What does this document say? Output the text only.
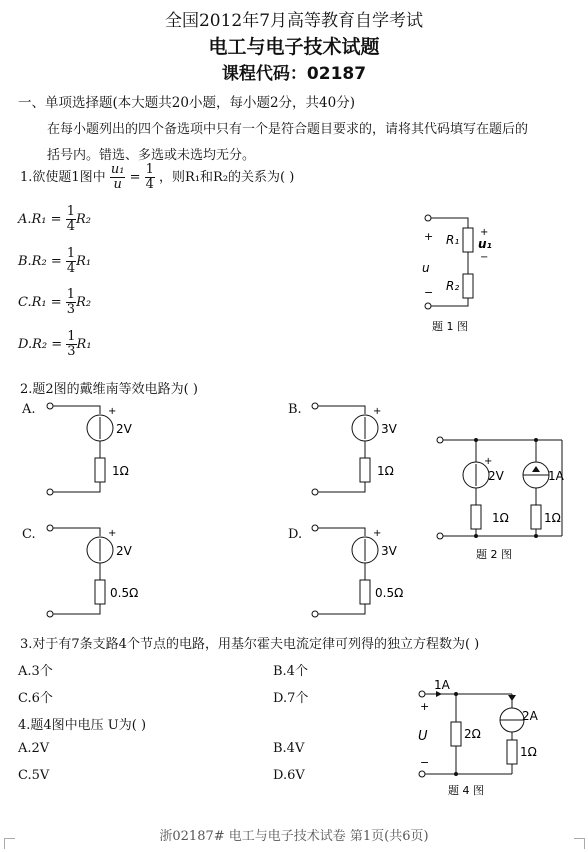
全国2012年7月高等教育自学考试
电工与电子技术试题
课程代码：02187
一、单项选择题(本大题共20小题，每小题2分，共40分)
在每小题列出的四个备选项中只有一个是符合题目要求的，请将其代码填写在题后的
括号内。错选、多选或未选均无分。
1.欲使题1图中 $\frac{\text{u₁}}{u} = \frac{1}{4}$ ，则R₁和R₂的关系为( )
$A.R_1 = \frac{1}{4} R_2$
$B.R_2 = \frac{1}{4} R_1$
$C.R_1 = \frac{1}{3} R_2$
$D.R_2 = \frac{1}{3} R_1$
+
−
u
R₁
R₂
+
u₁
−
题 1 图
2.题2图的戴维南等效电路为( )
A.	+
2V
1Ω
B.	+
3V
1Ω
C.	+
2V
0.5Ω
D.	+
3V
0.5Ω
+
2V	1A
1Ω	1Ω
题 2 图
3.对于有7条支路4个节点的电路，用基尔霍夫电流定律可列得的独立方程数为( )
A.3个	B.4个
C.6个	D.7个
4.题4图中电压 U为( )
A.2V	B.4V
C.5V	D.6V
1A
2A
2Ω
1Ω
+
U
−
题 4 图
浙02187# 电工与电子技术试卷 第1页(共6页)
